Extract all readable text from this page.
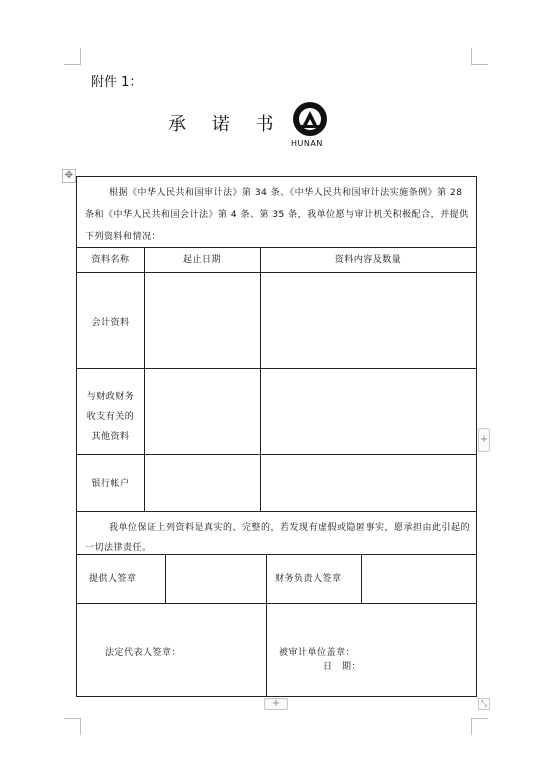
附件 1：
承 诺 书
HUNAN
✥
+
+	⤡
根据《中华人民共和国审计法》第 34 条、《中华人民共和国审计法实施条例》第 28 条和《中华人民共和国会计法》第 4 条、第 35 条，我单位愿与审计机关积极配合，并提供下列资料和情况：
资料名称	起止日期	资料内容及数量
会计资料
与财政财务
收支有关的
其他资料
银行帐户
我单位保证上列资料是真实的、完整的，若发现有虚假或隐匿事实，愿承担由此引起的一切法律责任。
提供人签章	财务负责人签章
法定代表人签章：	被审计单位盖章：
日　期：
